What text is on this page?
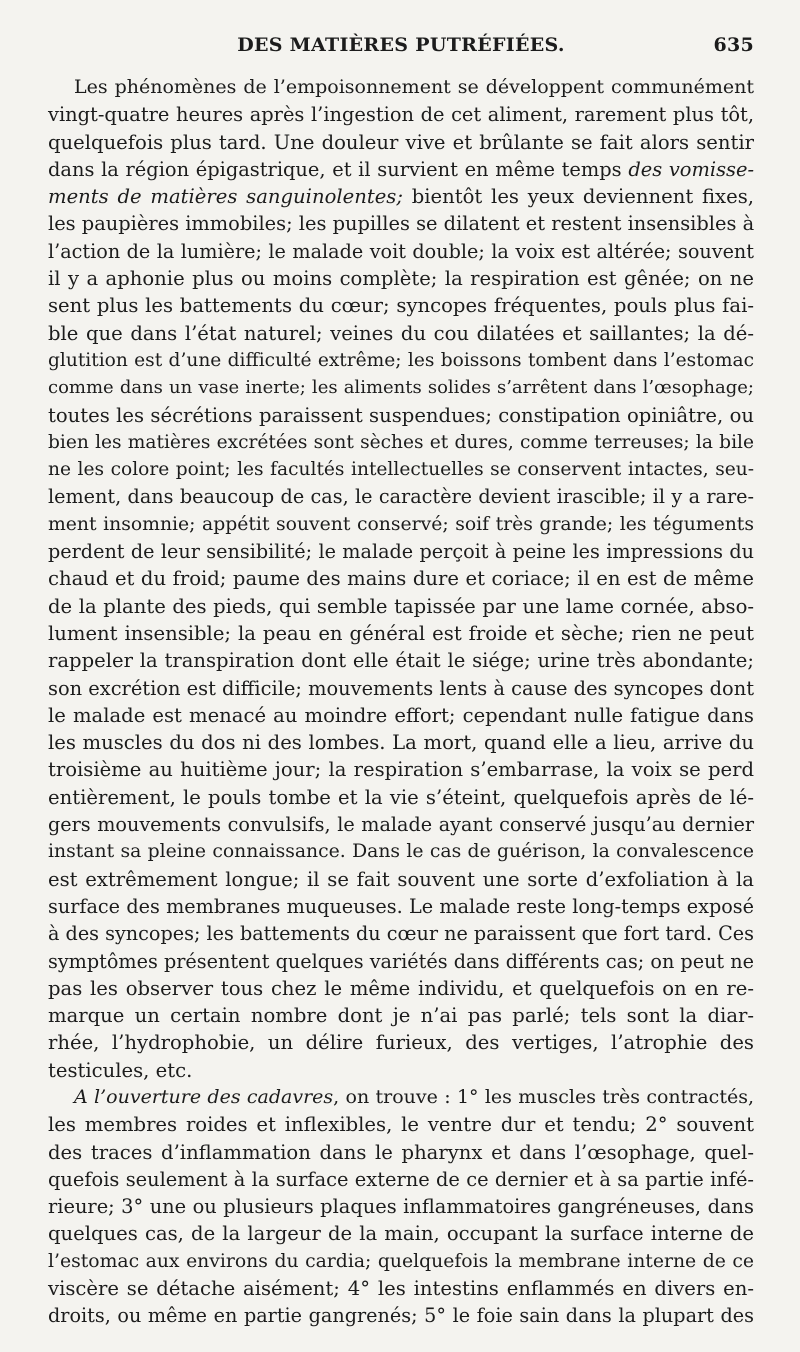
DES MATIÈRES PUTRÉFIÉES.	635

Les phénomènes de l’empoisonnement se développent communément
vingt-quatre heures après l’ingestion de cet aliment, rarement plus tôt,
quelquefois plus tard. Une douleur vive et brûlante se fait alors sentir
dans la région épigastrique, et il survient en même temps des vomisse-
ments de matières sanguinolentes; bientôt les yeux deviennent fixes,
les paupières immobiles; les pupilles se dilatent et restent insensibles à
l’action de la lumière; le malade voit double; la voix est altérée; souvent
il y a aphonie plus ou moins complète; la respiration est gênée; on ne
sent plus les battements du cœur; syncopes fréquentes, pouls plus fai-
ble que dans l’état naturel; veines du cou dilatées et saillantes; la dé-
glutition est d’une difficulté extrême; les boissons tombent dans l’estomac
comme dans un vase inerte; les aliments solides s’arrêtent dans l’œsophage;
toutes les sécrétions paraissent suspendues; constipation opiniâtre, ou
bien les matières excrétées sont sèches et dures, comme terreuses; la bile
ne les colore point; les facultés intellectuelles se conservent intactes, seu-
lement, dans beaucoup de cas, le caractère devient irascible; il y a rare-
ment insomnie; appétit souvent conservé; soif très grande; les téguments
perdent de leur sensibilité; le malade perçoit à peine les impressions du
chaud et du froid; paume des mains dure et coriace; il en est de même
de la plante des pieds, qui semble tapissée par une lame cornée, abso-
lument insensible; la peau en général est froide et sèche; rien ne peut
rappeler la transpiration dont elle était le siége; urine très abondante;
son excrétion est difficile; mouvements lents à cause des syncopes dont
le malade est menacé au moindre effort; cependant nulle fatigue dans
les muscles du dos ni des lombes. La mort, quand elle a lieu, arrive du
troisième au huitième jour; la respiration s’embarrase, la voix se perd
entièrement, le pouls tombe et la vie s’éteint, quelquefois après de lé-
gers mouvements convulsifs, le malade ayant conservé jusqu’au dernier
instant sa pleine connaissance. Dans le cas de guérison, la convalescence
est extrêmement longue; il se fait souvent une sorte d’exfoliation à la
surface des membranes muqueuses. Le malade reste long-temps exposé
à des syncopes; les battements du cœur ne paraissent que fort tard. Ces
symptômes présentent quelques variétés dans différents cas; on peut ne
pas les observer tous chez le même individu, et quelquefois on en re-
marque un certain nombre dont je n’ai pas parlé; tels sont la diar-
rhée, l’hydrophobie, un délire furieux, des vertiges, l’atrophie des
testicules, etc.

A l’ouverture des cadavres, on trouve : 1° les muscles très contractés,
les membres roides et inflexibles, le ventre dur et tendu; 2° souvent
des traces d’inflammation dans le pharynx et dans l’œsophage, quel-
quefois seulement à la surface externe de ce dernier et à sa partie infé-
rieure; 3° une ou plusieurs plaques inflammatoires gangréneuses, dans
quelques cas, de la largeur de la main, occupant la surface interne de
l’estomac aux environs du cardia; quelquefois la membrane interne de ce
viscère se détache aisément; 4° les intestins enflammés en divers en-
droits, ou même en partie gangrenés; 5° le foie sain dans la plupart des
